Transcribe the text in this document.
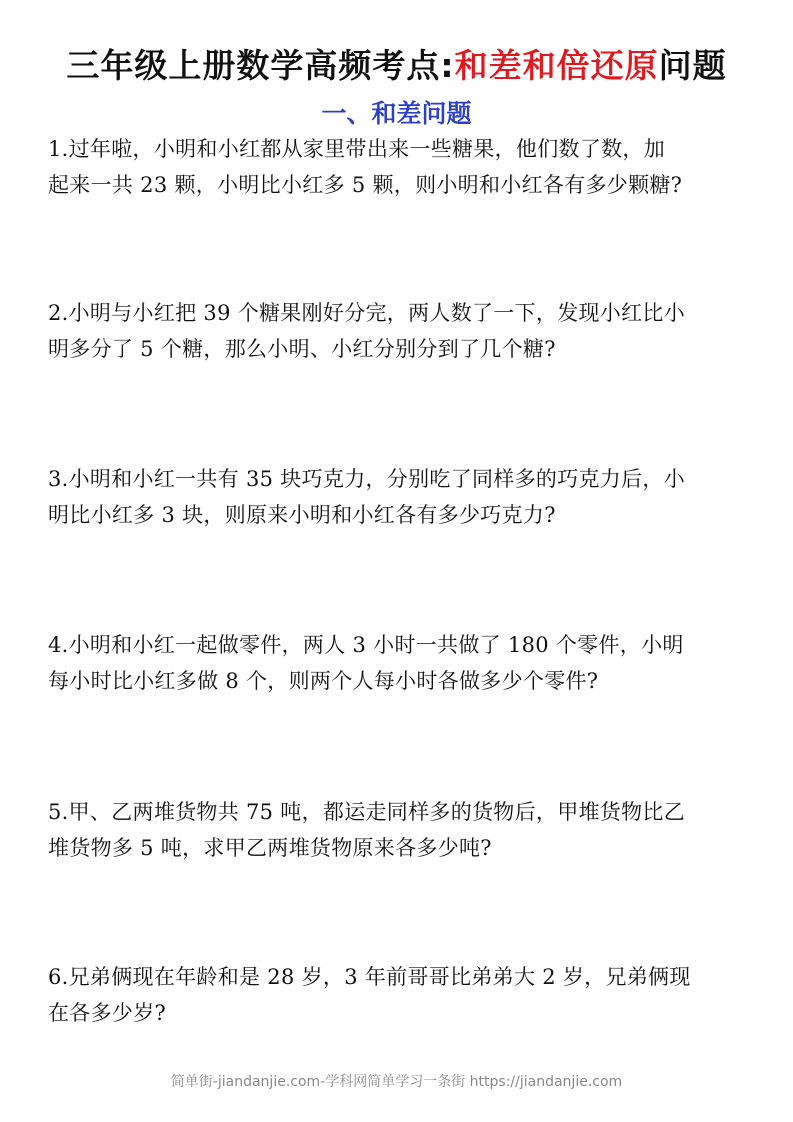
三年级上册数学高频考点:和差和倍还原问题
一、和差问题
1.过年啦，小明和小红都从家里带出来一些糖果，他们数了数，加
起来一共 23 颗，小明比小红多 5 颗，则小明和小红各有多少颗糖?
2.小明与小红把 39 个糖果刚好分完，两人数了一下，发现小红比小
明多分了 5 个糖，那么小明、小红分别分到了几个糖?
3.小明和小红一共有 35 块巧克力，分别吃了同样多的巧克力后，小
明比小红多 3 块，则原来小明和小红各有多少巧克力?
4.小明和小红一起做零件，两人 3 小时一共做了 180 个零件，小明
每小时比小红多做 8 个，则两个人每小时各做多少个零件?
5.甲、乙两堆货物共 75 吨，都运走同样多的货物后，甲堆货物比乙
堆货物多 5 吨，求甲乙两堆货物原来各多少吨?
6.兄弟俩现在年龄和是 28 岁，3 年前哥哥比弟弟大 2 岁，兄弟俩现
在各多少岁?
简单街-jiandanjie.com-学科网简单学习一条街 https://jiandanjie.com
